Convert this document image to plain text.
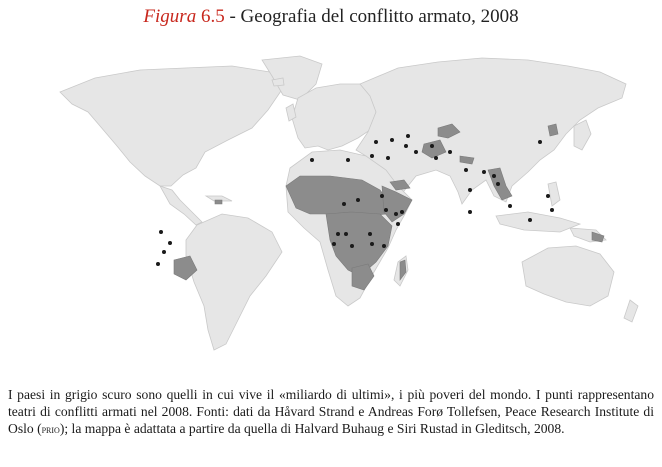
Figura 6.5 - Geografia del conflitto armato, 2008
I paesi in grigio scuro sono quelli in cui vive il «miliardo di ultimi», i più poveri del mondo. I punti rappresentano teatri di conflitti armati nel 2008. Fonti: dati da Håvard Strand e Andreas Forø Tollefsen, Peace Research Institute di Oslo (prio); la mappa è adattata a partire da quella di Halvard Buhaug e Siri Rustad in Gleditsch, 2008.
